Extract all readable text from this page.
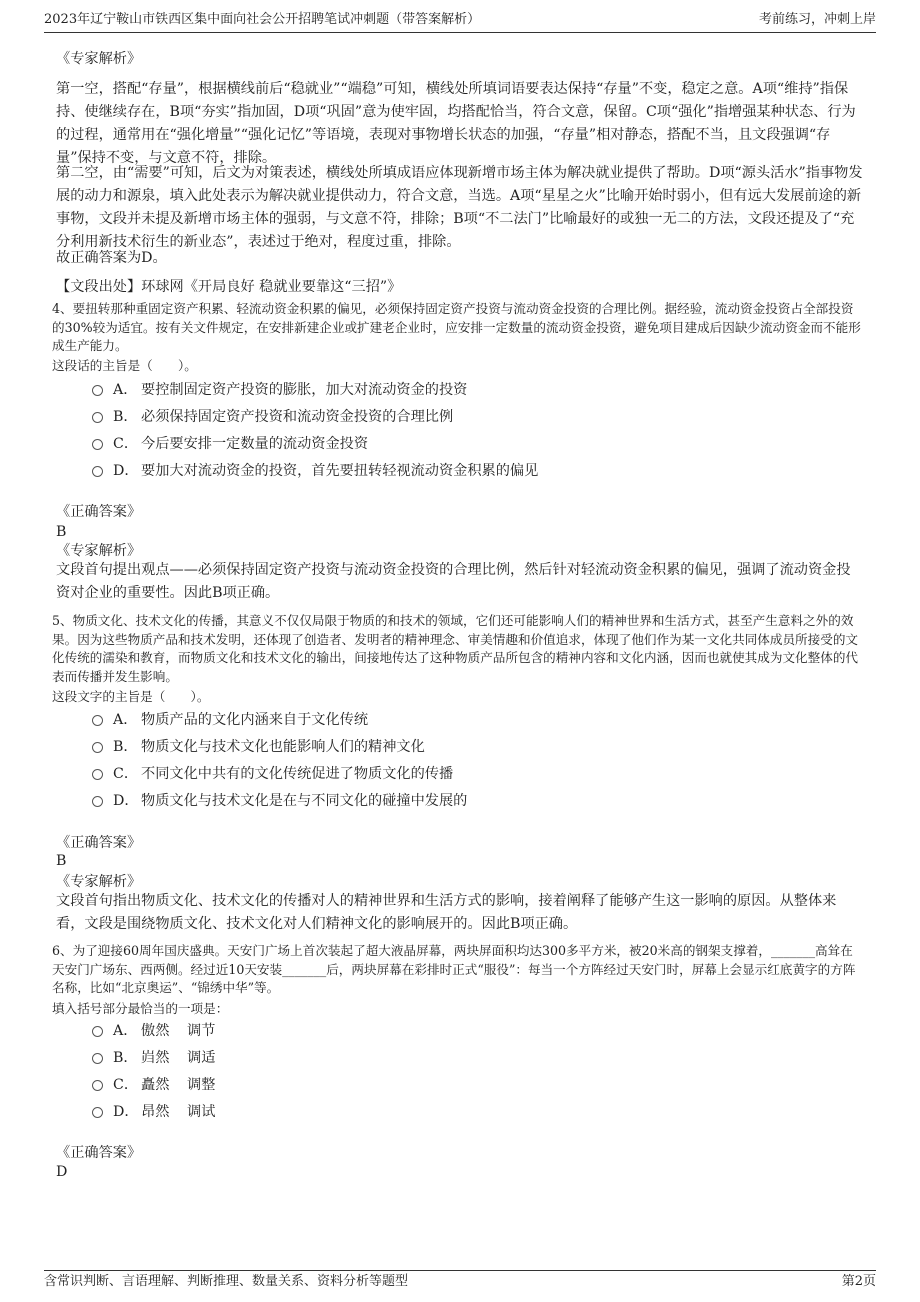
2023年辽宁鞍山市铁西区集中面向社会公开招聘笔试冲刺题（带答案解析）	考前练习，冲刺上岸

《专家解析》

第一空，搭配“存量”，根据横线前后“稳就业”“端稳”可知，横线处所填词语要表达保持“存量”不变，稳定之意。A项“维持”指保持、使继续存在，B项“夯实”指加固，D项“巩固”意为使牢固，均搭配恰当，符合文意，保留。C项“强化”指增强某种状态、行为的过程，通常用在“强化增量”“强化记忆”等语境，表现对事物增长状态的加强，“存量”相对静态，搭配不当，且文段强调“存量”保持不变，与文意不符，排除。

第二空，由“需要”可知，后文为对策表述，横线处所填成语应体现新增市场主体为解决就业提供了帮助。D项“源头活水”指事物发展的动力和源泉，填入此处表示为解决就业提供动力，符合文意，当选。A项“星星之火”比喻开始时弱小，但有远大发展前途的新事物，文段并未提及新增市场主体的强弱，与文意不符，排除；B项“不二法门”比喻最好的或独一无二的方法，文段还提及了“充分利用新技术衍生的新业态”，表述过于绝对，程度过重，排除。

故正确答案为D。

【文段出处】环球网《开局良好 稳就业要靠这“三招”》

4、要扭转那种重固定资产积累、轻流动资金积累的偏见，必须保持固定资产投资与流动资金投资的合理比例。据经验，流动资金投资占全部投资的30%较为适宜。按有关文件规定，在安排新建企业或扩建老企业时，应安排一定数量的流动资金投资，避免项目建成后因缺少流动资金而不能形成生产能力。

这段话的主旨是（　　）。

A． 要控制固定资产投资的膨胀，加大对流动资金的投资
B． 必须保持固定资产投资和流动资金投资的合理比例
C． 今后要安排一定数量的流动资金投资
D． 要加大对流动资金的投资，首先要扭转轻视流动资金积累的偏见

《正确答案》

B

《专家解析》

文段首句提出观点——必须保持固定资产投资与流动资金投资的合理比例，然后针对轻流动资金积累的偏见，强调了流动资金投资对企业的重要性。因此B项正确。

5、物质文化、技术文化的传播，其意义不仅仅局限于物质的和技术的领域，它们还可能影响人们的精神世界和生活方式，甚至产生意料之外的效果。因为这些物质产品和技术发明，还体现了创造者、发明者的精神理念、审美情趣和价值追求，体现了他们作为某一文化共同体成员所接受的文化传统的濡染和教育，而物质文化和技术文化的输出，间接地传达了这种物质产品所包含的精神内容和文化内涵，因而也就使其成为文化整体的代表而传播并发生影响。

这段文字的主旨是（　　）。

A． 物质产品的文化内涵来自于文化传统
B． 物质文化与技术文化也能影响人们的精神文化
C． 不同文化中共有的文化传统促进了物质文化的传播
D． 物质文化与技术文化是在与不同文化的碰撞中发展的

《正确答案》

B

《专家解析》

文段首句指出物质文化、技术文化的传播对人的精神世界和生活方式的影响，接着阐释了能够产生这一影响的原因。从整体来看，文段是围绕物质文化、技术文化对人们精神文化的影响展开的。因此B项正确。

6、为了迎接60周年国庆盛典。天安门广场上首次装起了超大液晶屏幕，两块屏面积均达300多平方米，被20米高的钢架支撑着，_______高耸在天安门广场东、西两侧。经过近10天安装_______后，两块屏幕在彩排时正式“服役”：每当一个方阵经过天安门时，屏幕上会显示红底黄字的方阵名称，比如“北京奥运”、“锦绣中华”等。

填入括号部分最恰当的一项是：

A． 傲然 调节
B． 岿然 调适
C． 矗然 调整
D． 昂然 调试

《正确答案》

D

含常识判断、言语理解、判断推理、数量关系、资料分析等题型	第2页
